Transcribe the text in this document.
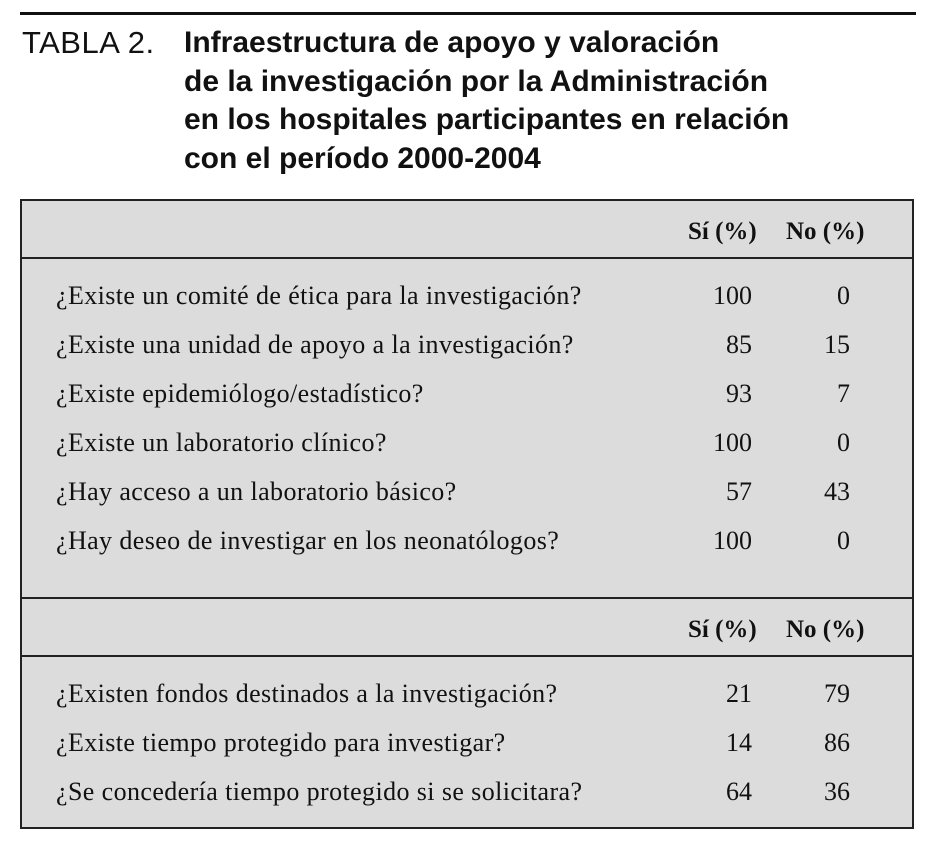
TABLA 2. Infraestructura de apoyo y valoración
de la investigación por la Administración
en los hospitales participantes en relación
con el período 2000-2004
Sí (%) No (%)
¿Existe un comité de ética para la investigación?	100	0
¿Existe una unidad de apoyo a la investigación?	85	15
¿Existe epidemiólogo/estadístico?	93	7
¿Existe un laboratorio clínico?	100	0
¿Hay acceso a un laboratorio básico?	57	43
¿Hay deseo de investigar en los neonatólogos?	100	0
Sí (%) No (%)
¿Existen fondos destinados a la investigación?	21	79
¿Existe tiempo protegido para investigar?	14	86
¿Se concedería tiempo protegido si se solicitara?	64	36
